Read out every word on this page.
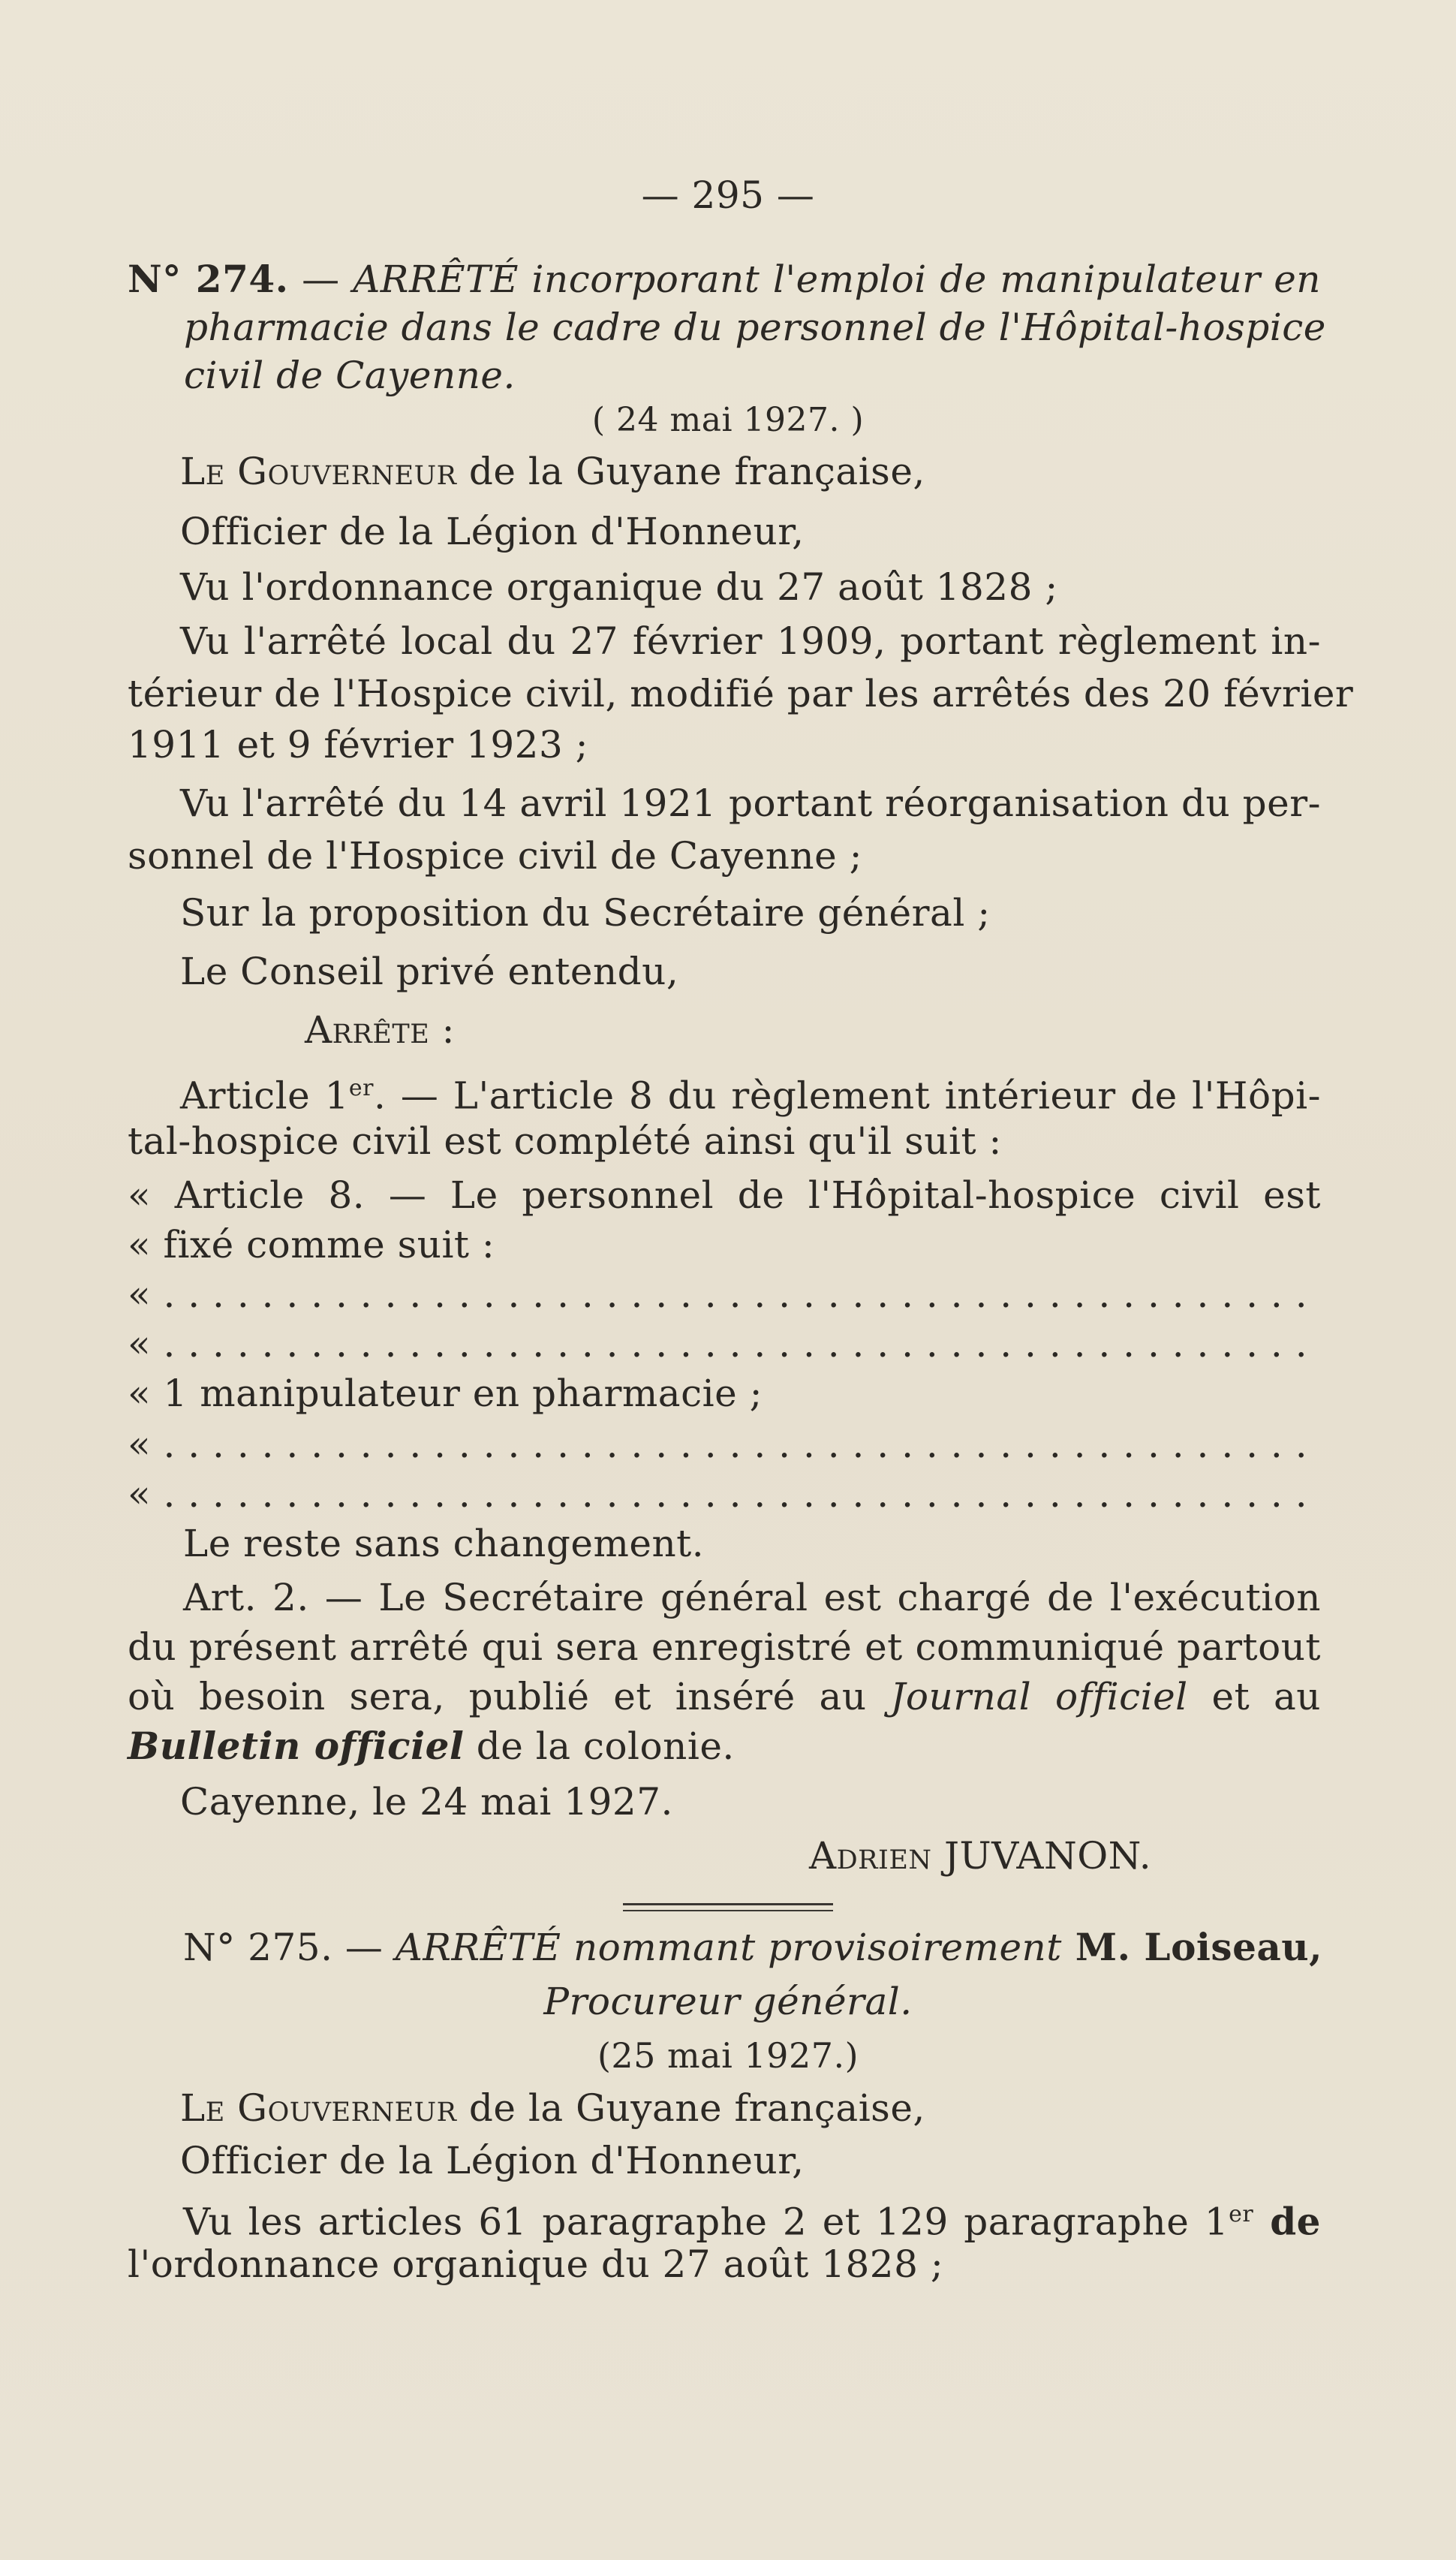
— 295 —
N° 274. — ARRÊTÉ incorporant l'emploi de manipulateur en
pharmacie dans le cadre du personnel de l'Hôpital-hospice
civil de Cayenne.
( 24 mai 1927. )
Le Gouverneur de la Guyane française,
Officier de la Légion d'Honneur,
Vu l'ordonnance organique du 27 août 1828 ;
Vu l'arrêté local du 27 février 1909, portant règlement in-
térieur de l'Hospice civil, modifié par les arrêtés des 20 février
1911 et 9 février 1923 ;
Vu l'arrêté du 14 avril 1921 portant réorganisation du per-
sonnel de l'Hospice civil de Cayenne ;
Sur la proposition du Secrétaire général ;
Le Conseil privé entendu,
Arrête :
Article 1er. — L'article 8 du règlement intérieur de l'Hôpi-
tal-hospice civil est complété ainsi qu'il suit :
« Article 8. — Le personnel de l'Hôpital-hospice civil est
« fixé comme suit :
« . . . . . . . . . . . . . . . . . . . . . . . . . . . . . . . . . . . . . . . . . . . . . . .
« . . . . . . . . . . . . . . . . . . . . . . . . . . . . . . . . . . . . . . . . . . . . . . .
« 1 manipulateur en pharmacie ;
« . . . . . . . . . . . . . . . . . . . . . . . . . . . . . . . . . . . . . . . . . . . . . . .
« . . . . . . . . . . . . . . . . . . . . . . . . . . . . . . . . . . . . . . . . . . . . . . .
Le reste sans changement.
Art. 2. — Le Secrétaire général est chargé de l'exécution
du présent arrêté qui sera enregistré et communiqué partout
où besoin sera, publié et inséré au Journal officiel et au
Bulletin officiel de la colonie.
Cayenne, le 24 mai 1927.
Adrien JUVANON.
N° 275. — ARRÊTÉ nommant provisoirement M. Loiseau,
Procureur général.
(25 mai 1927.)
Le Gouverneur de la Guyane française,
Officier de la Légion d'Honneur,
Vu les articles 61 paragraphe 2 et 129 paragraphe 1er de
l'ordonnance organique du 27 août 1828 ;
